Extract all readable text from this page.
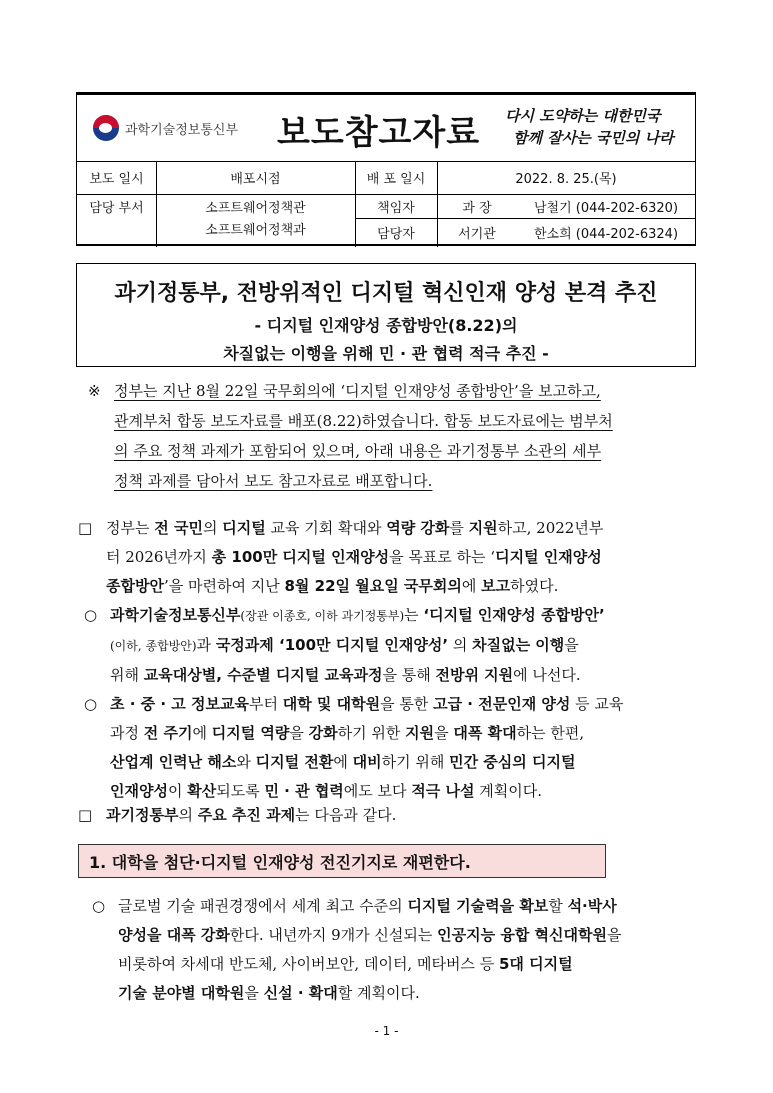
과학기술정보통신부 보도참고자료 다시 도약하는 대한민국
함께 잘사는 국민의 나라
보도 일시	배포시점	배 포 일시	2022. 8. 25.(목)
담당 부서	소프트웨어정책관
소프트웨어정책과
책임자	과 장	남철기 (044-202-6320)
담당자	서기관	한소희 (044-202-6324)
과기정통부, 전방위적인 디지털 혁신인재 양성 본격 추진
- 디지털 인재양성 종합방안(8.22)의
차질없는 이행을 위해 민 · 관 협력 적극 추진 -
※ 정부는 지난 8월 22일 국무회의에 ‘디지털 인재양성 종합방안’을 보고하고,
관계부처 합동 보도자료를 배포(8.22)하였습니다. 합동 보도자료에는 범부처
의 주요 정책 과제가 포함되어 있으며, 아래 내용은 과기정통부 소관의 세부
정책 과제를 담아서 보도 참고자료로 배포합니다.
□ 정부는 전 국민의 디지털 교육 기회 확대와 역량 강화를 지원하고, 2022년부
터 2026년까지 총 100만 디지털 인재양성을 목표로 하는 ‘디지털 인재양성
종합방안’을 마련하여 지난 8월 22일 월요일 국무회의에 보고하였다.
○ 과학기술정보통신부(장관 이종호, 이하 과기정통부)는 ‘디지털 인재양성 종합방안’
(이하, 종합방안)과 국정과제 ‘100만 디지털 인재양성’ 의 차질없는 이행을
위해 교육대상별, 수준별 디지털 교육과정을 통해 전방위 지원에 나선다.
○ 초 · 중 · 고 정보교육부터 대학 및 대학원을 통한 고급 · 전문인재 양성 등 교육
과정 전 주기에 디지털 역량을 강화하기 위한 지원을 대폭 확대하는 한편,
산업계 인력난 해소와 디지털 전환에 대비하기 위해 민간 중심의 디지털
인재양성이 확산되도록 민 · 관 협력에도 보다 적극 나설 계획이다.
□ 과기정통부의 주요 추진 과제는 다음과 같다.
1. 대학을 첨단·디지털 인재양성 전진기지로 재편한다.
○ 글로벌 기술 패권경쟁에서 세계 최고 수준의 디지털 기술력을 확보할 석·박사
양성을 대폭 강화한다. 내년까지 9개가 신설되는 인공지능 융합 혁신대학원을
비롯하여 차세대 반도체, 사이버보안, 데이터, 메타버스 등 5대 디지털
기술 분야별 대학원을 신설 · 확대할 계획이다.
- 1 -
